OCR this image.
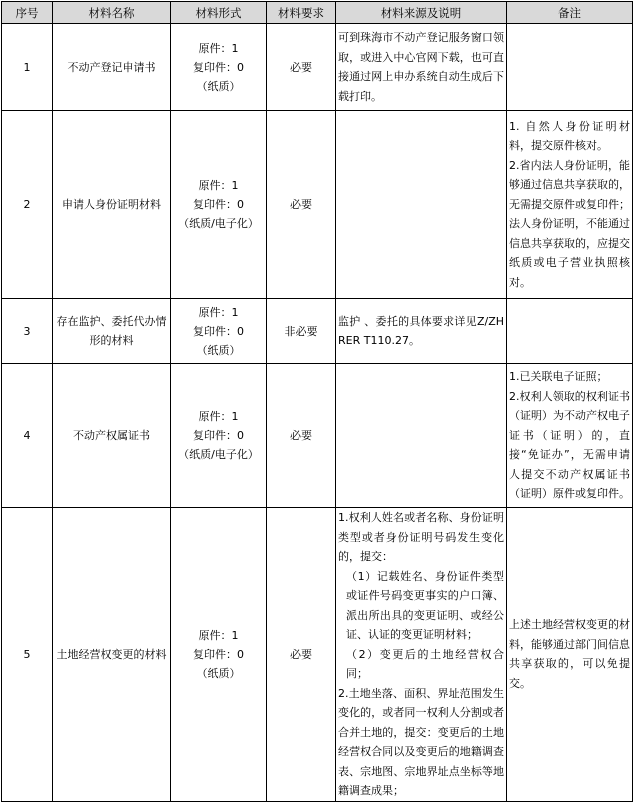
序号	材料名称	材料形式	材料要求	材料来源及说明	备注
1	不动产登记申请书	原件：1
复印件：0
（纸质）	必要	可到珠海市不动产登记服务窗口领取，或进入中心官网下载，也可直接通过网上申办系统自动生成后下载打印。	

2	申请人身份证明材料	原件：1
复印件：0
（纸质/电子化）	必要		1. 自然人身份证明材料，提交原件核对。
2.省内法人身份证明，能够通过信息共享获取的，无需提交原件或复印件；法人身份证明，不能通过信息共享获取的，应提交纸质或电子营业执照核对。

3	存在监护、委托代办情形的材料	原件：1
复印件：0
（纸质）	非必要	监护 、委托的具体要求详见Z/ZHRER T110.27。	

4	不动产权属证书	原件：1
复印件：0
（纸质/电子化）	必要		1.已关联电子证照；
2.权利人领取的权利证书（证明）为不动产权电子证书（证明）的，直接“免证办”，无需申请人提交不动产权属证书（证明）原件或复印件。

5	土地经营权变更的材料	原件：1
复印件：0
（纸质）	必要	1.权利人姓名或者名称、身份证明类型或者身份证明号码发生变化的，提交：
（1）记载姓名、身份证件类型或证件号码变更事实的户口簿、派出所出具的变更证明、或经公证、认证的变更证明材料；
（2）变更后的土地经营权合同；
2.土地坐落、面积、界址范围发生变化的，或者同一权利人分割或者合并土地的，提交：变更后的土地经营权合同以及变更后的地籍调查表、宗地图、宗地界址点坐标等地籍调查成果；	上述土地经营权变更的材料，能够通过部门间信息共享获取的，可以免提交。
